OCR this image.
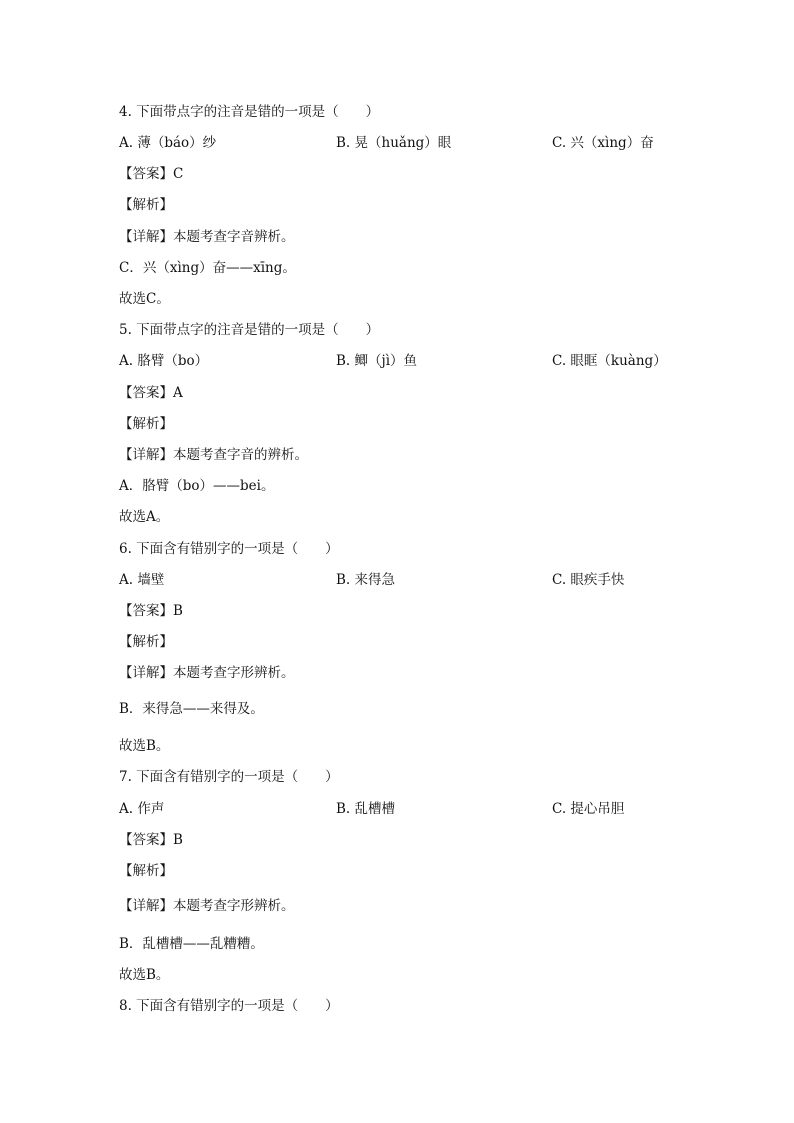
4. 下面带点字的注音是错的一项是（　　）
A. 薄（báo）纱	B. 晃（huǎng）眼	C. 兴（xìng）奋
【答案】C
【解析】
【详解】本题考查字音辨析。
C．兴（xìng）奋——xīng。
故选C。
5. 下面带点字的注音是错的一项是（　　）
A. 胳臂（bo）	B. 鲫（jì）鱼	C. 眼眶（kuàng）
【答案】A
【解析】
【详解】本题考查字音的辨析。
A．胳臂（bo）——bei。
故选A。
6. 下面含有错别字的一项是（　　）
A. 墙壁	B. 来得急	C. 眼疾手快
【答案】B
【解析】
【详解】本题考查字形辨析。
B．来得急——来得及。
故选B。
7. 下面含有错别字的一项是（　　）
A. 作声	B. 乱槽槽	C. 提心吊胆
【答案】B
【解析】
【详解】本题考查字形辨析。
B．乱槽槽——乱糟糟。
故选B。
8. 下面含有错别字的一项是（　　）
